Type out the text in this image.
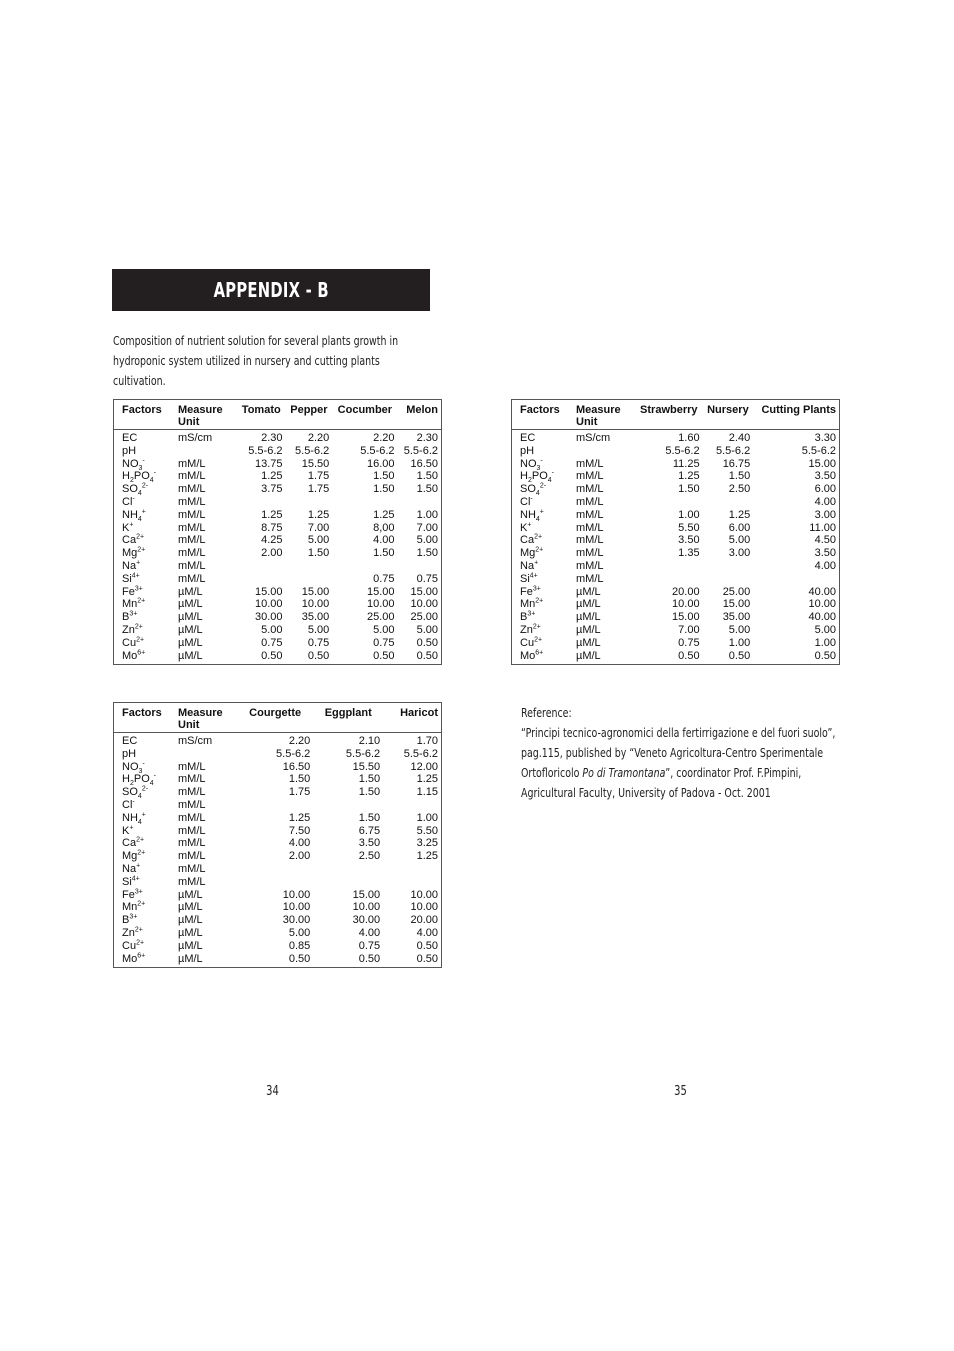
APPENDIX - B
Composition of nutrient solution for several plants growth in hydroponic system utilized in nursery and cutting plants cultivation.
Factors	Measure Unit	Tomato	Pepper	Cocumber	Melon
EC	mS/cm	2.30	2.20	2.20	2.30
pH		5.5-6.2	5.5-6.2	5.5-6.2	5.5-6.2
$NO_3^-$	mM/L	13.75	15.50	16.00	16.50
$H_2PO_4^-$	mM/L	1.25	1.75	1.50	1.50
$SO_4^{2-}$	mM/L	3.75	1.75	1.50	1.50
Cl-	mM/L				
$NH_4^+$	mM/L	1.25	1.25	1.25	1.00
K+	mM/L	8.75	7.00	8,00	7.00
$Ca^{2+}$	mM/L	4.25	5.00	4.00	5.00
$Mg^{2+}$	mM/L	2.00	1.50	1.50	1.50
Na+	mM/L				
$Si^{4+}$	mM/L			0.75	0.75
$Fe^{3+}$	µM/L	15.00	15.00	15.00	15.00
$Mn^{2+}$	µM/L	10.00	10.00	10.00	10.00
$B^{3+}$	µM/L	30.00	35.00	25.00	25.00
$Zn^{2+}$	µM/L	5.00	5.00	5.00	5.00
$Cu^{2+}$	µM/L	0.75	0.75	0.75	0.50
$Mo^{6+}$	µM/L	0.50	0.50	0.50	0.50
Factors	Measure Unit	Strawberry	Nursery	Cutting Plants
EC	mS/cm	1.60	2.40	3.30
pH		5.5-6.2	5.5-6.2	5.5-6.2
$NO_3^-$	mM/L	11.25	16.75	15.00
$H_2PO_4^-$	mM/L	1.25	1.50	3.50
$SO_4^{2-}$	mM/L	1.50	2.50	6.00
Cl-	mM/L			4.00
$NH_4^+$	mM/L	1.00	1.25	3.00
K+	mM/L	5.50	6.00	11.00
$Ca^{2+}$	mM/L	3.50	5.00	4.50
$Mg^{2+}$	mM/L	1.35	3.00	3.50
Na+	mM/L			4.00
$Si^{4+}$	mM/L			
$Fe^{3+}$	µM/L	20.00	25.00	40.00
$Mn^{2+}$	µM/L	10.00	15.00	10.00
$B^{3+}$	µM/L	15.00	35.00	40.00
$Zn^{2+}$	µM/L	7.00	5.00	5.00
$Cu^{2+}$	µM/L	0.75	1.00	1.00
$Mo^{6+}$	µM/L	0.50	0.50	0.50
Factors	Measure Unit	Courgette	Eggplant	Haricot
EC	mS/cm	2.20	2.10	1.70
pH		5.5-6.2	5.5-6.2	5.5-6.2
$NO_3^-$	mM/L	16.50	15.50	12.00
$H_2PO_4^-$	mM/L	1.50	1.50	1.25
$SO_4^{2-}$	mM/L	1.75	1.50	1.15
Cl-	mM/L			
$NH_4^+$	mM/L	1.25	1.50	1.00
K+	mM/L	7.50	6.75	5.50
$Ca^{2+}$	mM/L	4.00	3.50	3.25
$Mg^{2+}$	mM/L	2.00	2.50	1.25
Na+	mM/L			
$Si^{4+}$	mM/L			
$Fe^{3+}$	µM/L	10.00	15.00	10.00
$Mn^{2+}$	µM/L	10.00	10.00	10.00
$B^{3+}$	µM/L	30.00	30.00	20.00
$Zn^{2+}$	µM/L	5.00	4.00	4.00
$Cu^{2+}$	µM/L	0.85	0.75	0.50
$Mo^{6+}$	µM/L	0.50	0.50	0.50

Reference:

“Principi tecnico-agronomici della fertirrigazione e del fuori suolo”, pag.115, published by “Veneto Agricoltura-Centro Sperimentale Ortofloricolo Po di Tramontana”, coordinator Prof. F.Pimpini, Agricultural Faculty, University of Padova - Oct. 2001

34	35
